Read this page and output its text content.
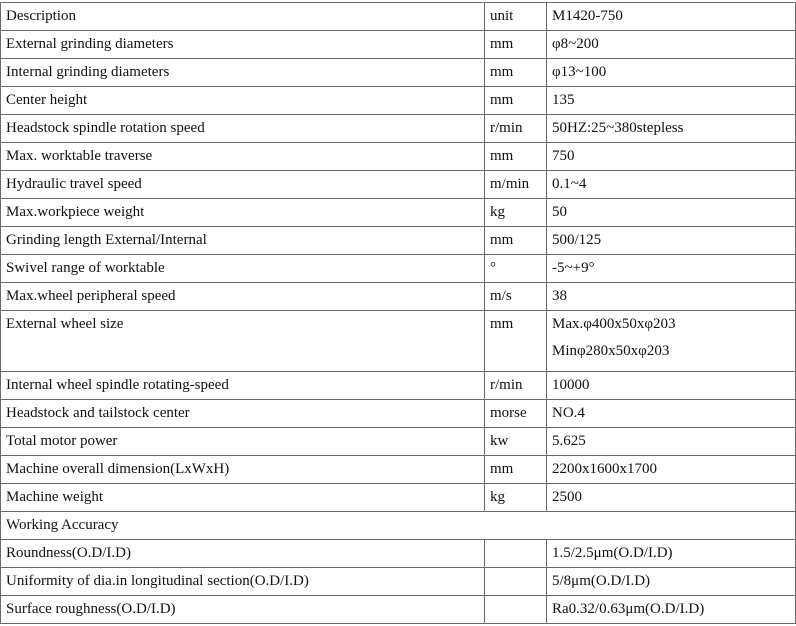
Description	unit	M1420-750
External grinding diameters	mm	φ8~200
Internal grinding diameters	mm	φ13~100
Center height	mm	135
Headstock spindle rotation speed	r/min	50HZ:25~380stepless
Max. worktable traverse	mm	750
Hydraulic travel speed	m/min	0.1~4
Max.workpiece weight	kg	50
Grinding length External/Internal	mm	500/125
Swivel range of worktable	°	-5~+9°
Max.wheel peripheral speed	m/s	38
External wheel size	mm	Max.φ400x50xφ203
Minφ280x50xφ203

Internal wheel spindle rotating-speed	r/min	10000
Headstock and tailstock center	morse	NO.4
Total motor power	kw	5.625
Machine overall dimension(LxWxH)	mm	2200x1600x1700
Machine weight	kg	2500
Working Accuracy		
Roundness(O.D/I.D)		1.5/2.5μm(O.D/I.D)
Uniformity of dia.in longitudinal section(O.D/I.D)		5/8μm(O.D/I.D)
Surface roughness(O.D/I.D)		Ra0.32/0.63μm(O.D/I.D)
